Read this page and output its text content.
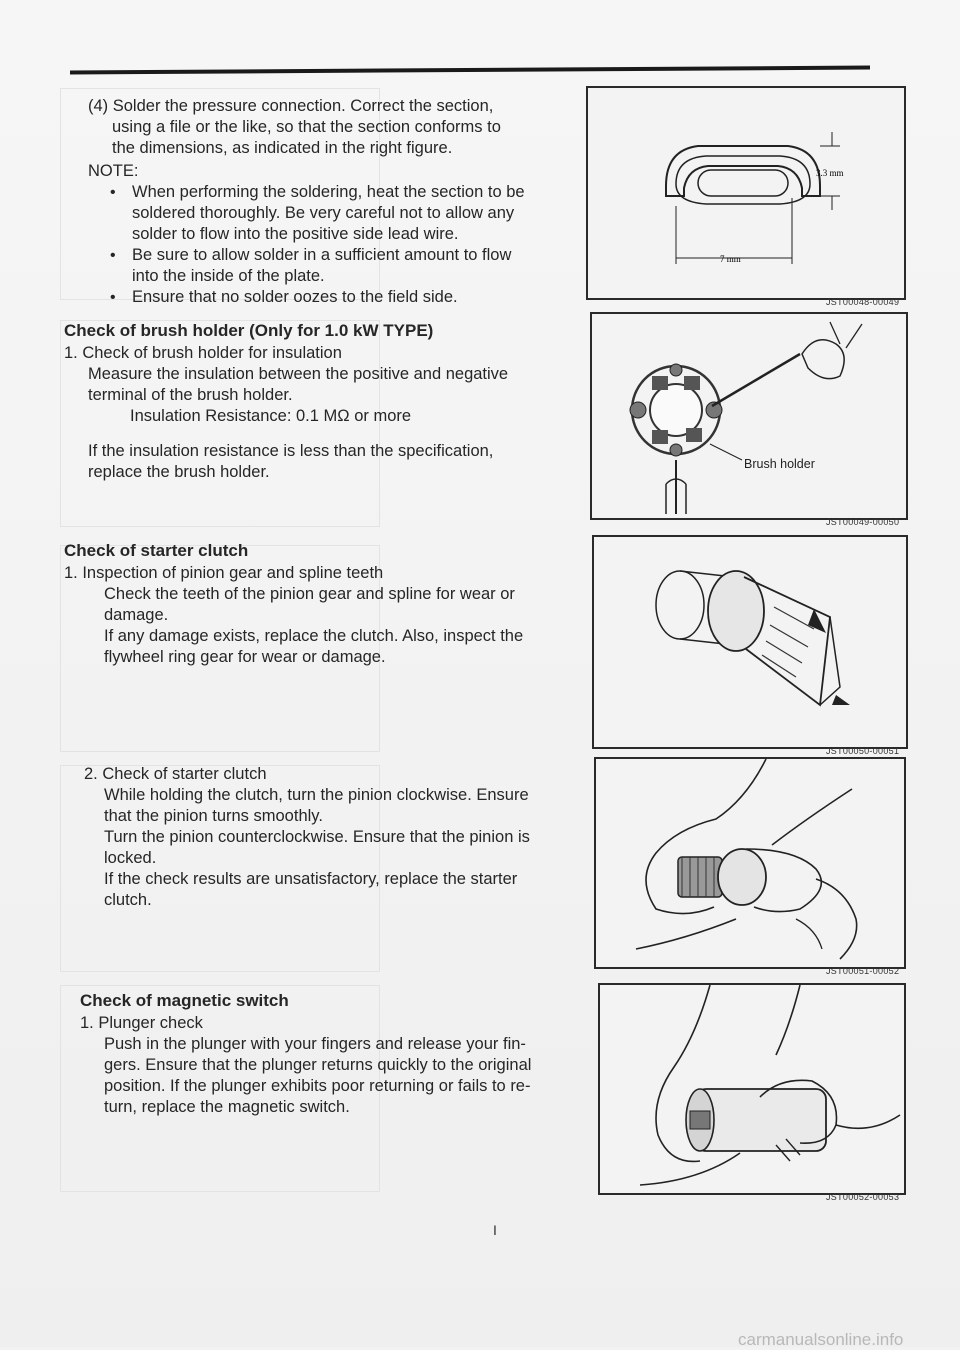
(4) Solder the pressure connection. Correct the section,

using a file or the like, so that the section conforms to

the dimensions, as indicated in the right figure.

NOTE:

• When performing the soldering, heat the section to be

soldered thoroughly. Be very careful not to allow any

solder to flow into the positive side lead wire.

• Be sure to allow solder in a sufficient amount to flow

into the inside of the plate.

• Ensure that no solder oozes to the field side.

Check of brush holder (Only for 1.0 kW TYPE)

1. Check of brush holder for insulation

Measure the insulation between the positive and negative

terminal of the brush holder.

Insulation Resistance: 0.1 MΩ or more

If the insulation resistance is less than the specification,

replace the brush holder.

Check of starter clutch

1. Inspection of pinion gear and spline teeth

Check the teeth of the pinion gear and spline for wear or

damage.

If any damage exists, replace the clutch. Also, inspect the

flywheel ring gear for wear or damage.

2. Check of starter clutch

While holding the clutch, turn the pinion clockwise. Ensure

that the pinion turns smoothly.

Turn the pinion counterclockwise. Ensure that the pinion is

locked.

If the check results are unsatisfactory, replace the starter

clutch.

Check of magnetic switch

1. Plunger check

Push in the plunger with your fingers and release your fin-

gers. Ensure that the plunger returns quickly to the original

position. If the plunger exhibits poor returning or fails to re-

turn, replace the magnetic switch.

3.3 mm
7 mm
JST00048-00049
Brush holder
JST00049-00050
JST00050-00051
JST00051-00052
JST00052-00053
I
carmanualsonline.info
